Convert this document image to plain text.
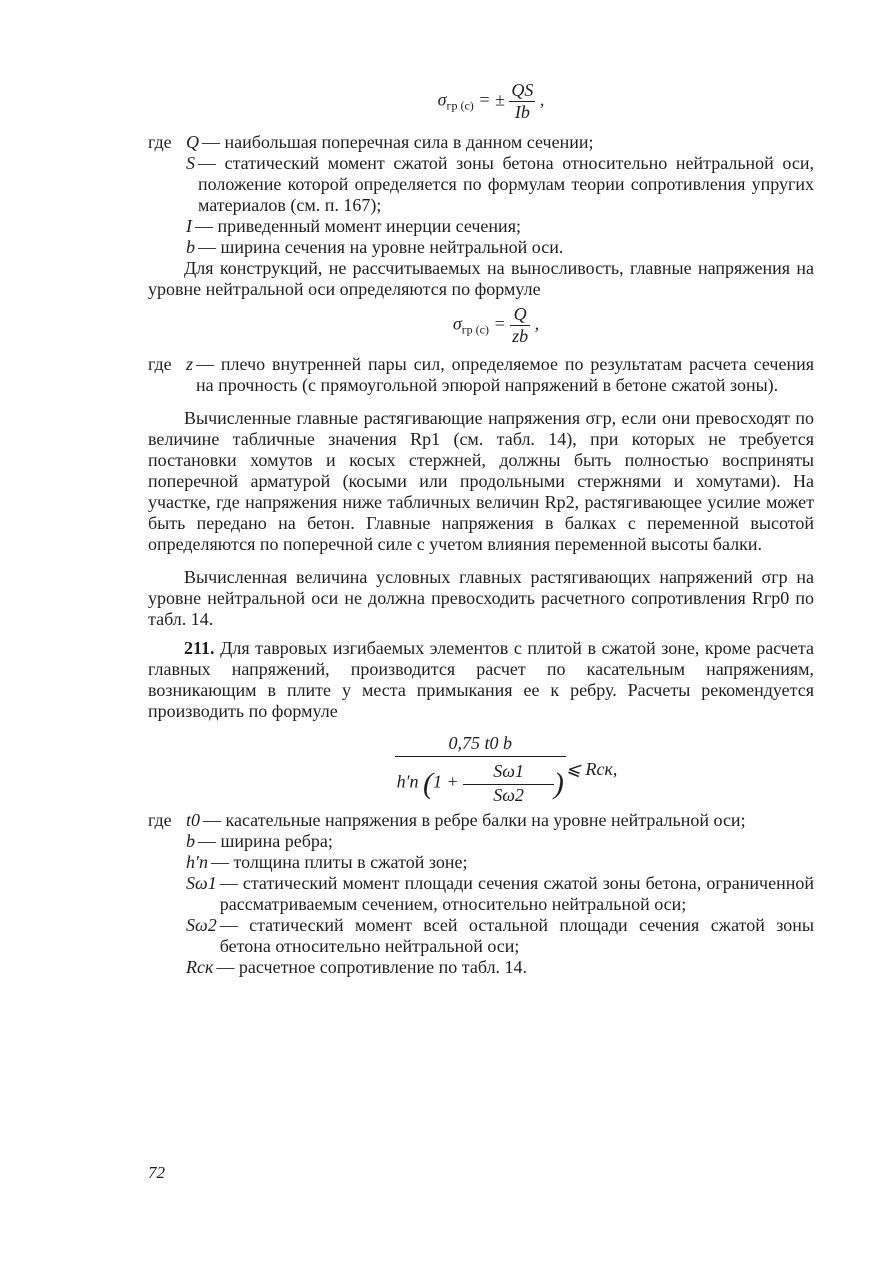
$\sigma_{гр (с)}$ = ± $\frac{QS}{Ib}$ ,
где Q — наибольшая поперечная сила в данном сечении;
S — статический момент сжатой зоны бетона относительно нейтральной оси, положение которой определяется по формулам теории сопротивления упругих материалов (см. п. 167);
I — приведенный момент инерции сечения;
b — ширина сечения на уровне нейтральной оси.

Для конструкций, не рассчитываемых на выносливость, главные напряжения на уровне нейтральной оси определяются по формуле

$\sigma_{гр (с)} = \frac{Q}{zb}$ ,
где z — плечо внутренней пары сил, определяемое по результатам расчета сечения на прочность (с прямоугольной эпюрой напряжений в бетоне сжатой зоны).

Вычисленные главные растягивающие напряжения σгр, если они превосходят по величине табличные значения Rр1 (см. табл. 14), при которых не требуется постановки хомутов и косых стержней, должны быть полностью восприняты поперечной арматурой (косыми или продольными стержнями и хомутами). На участке, где напряжения ниже табличных величин Rр2, растягивающее усилие может быть передано на бетон. Главные напряжения в балках с переменной высотой определяются по поперечной силе с учетом влияния переменной высоты балки.

Вычисленная величина условных главных растягивающих напряжений σгр на уровне нейтральной оси не должна превосходить расчетного сопротивления Rгр0 по табл. 14.

211. Для тавровых изгибаемых элементов с плитой в сжатой зоне, кроме расчета главных напряжений, производится расчет по касательным напряжениям, возникающим в плите у места примыкания ее к ребру. Расчеты рекомендуется производить по формуле

$\frac{0,75 t0 b}{h'п (1 + \frac{S\omega 1}{S\omega 2} )}$ ⩽ Rск,
где t0 — касательные напряжения в ребре балки на уровне нейтральной оси;
b — ширина ребра;
h′п — толщина плиты в сжатой зоне;
Sω1 — статический момент площади сечения сжатой зоны бетона, ограниченной рассматриваемым сечением, относительно нейтральной оси;
Sω2 — статический момент всей остальной площади сечения сжатой зоны бетона относительно нейтральной оси;
Rск — расчетное сопротивление по табл. 14.
72
